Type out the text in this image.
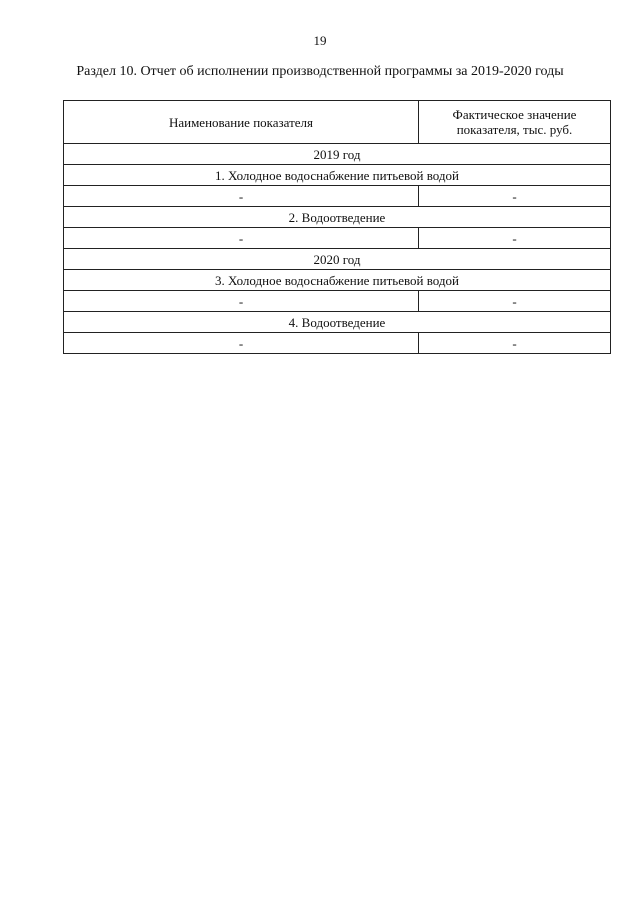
19
Раздел 10. Отчет об исполнении производственной программы за 2019-2020 годы
Наименование показателя	Фактическое значение показателя, тыс. руб.
2019 год	
1. Холодное водоснабжение питьевой водой	
-	-
2. Водоотведение	
-	-
2020 год	
3. Холодное водоснабжение питьевой водой	
-	-
4. Водоотведение	
-	-
